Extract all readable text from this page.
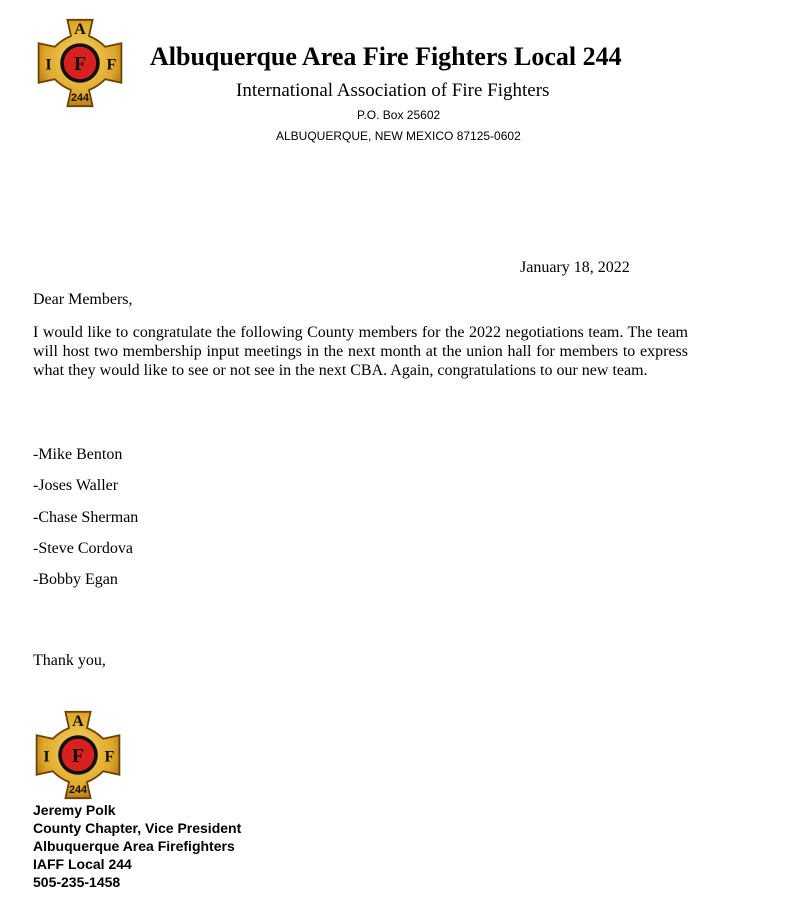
A
I F F
244
Albuquerque Area Fire Fighters Local 244
International Association of Fire Fighters
P.O. Box 25602
ALBUQUERQUE, NEW MEXICO 87125-0602
January 18, 2022
Dear Members,
I would like to congratulate the following County members for the 2022 negotiations team. The team will host two membership input meetings in the next month at the union hall for members to express what they would like to see or not see in the next CBA. Again, congratulations to our new team.
-Mike Benton
-Joses Waller
-Chase Sherman
-Steve Cordova
-Bobby Egan
Thank you,
A
I F F
244
Jeremy Polk
County Chapter, Vice President
Albuquerque Area Firefighters
IAFF Local 244
505-235-1458
